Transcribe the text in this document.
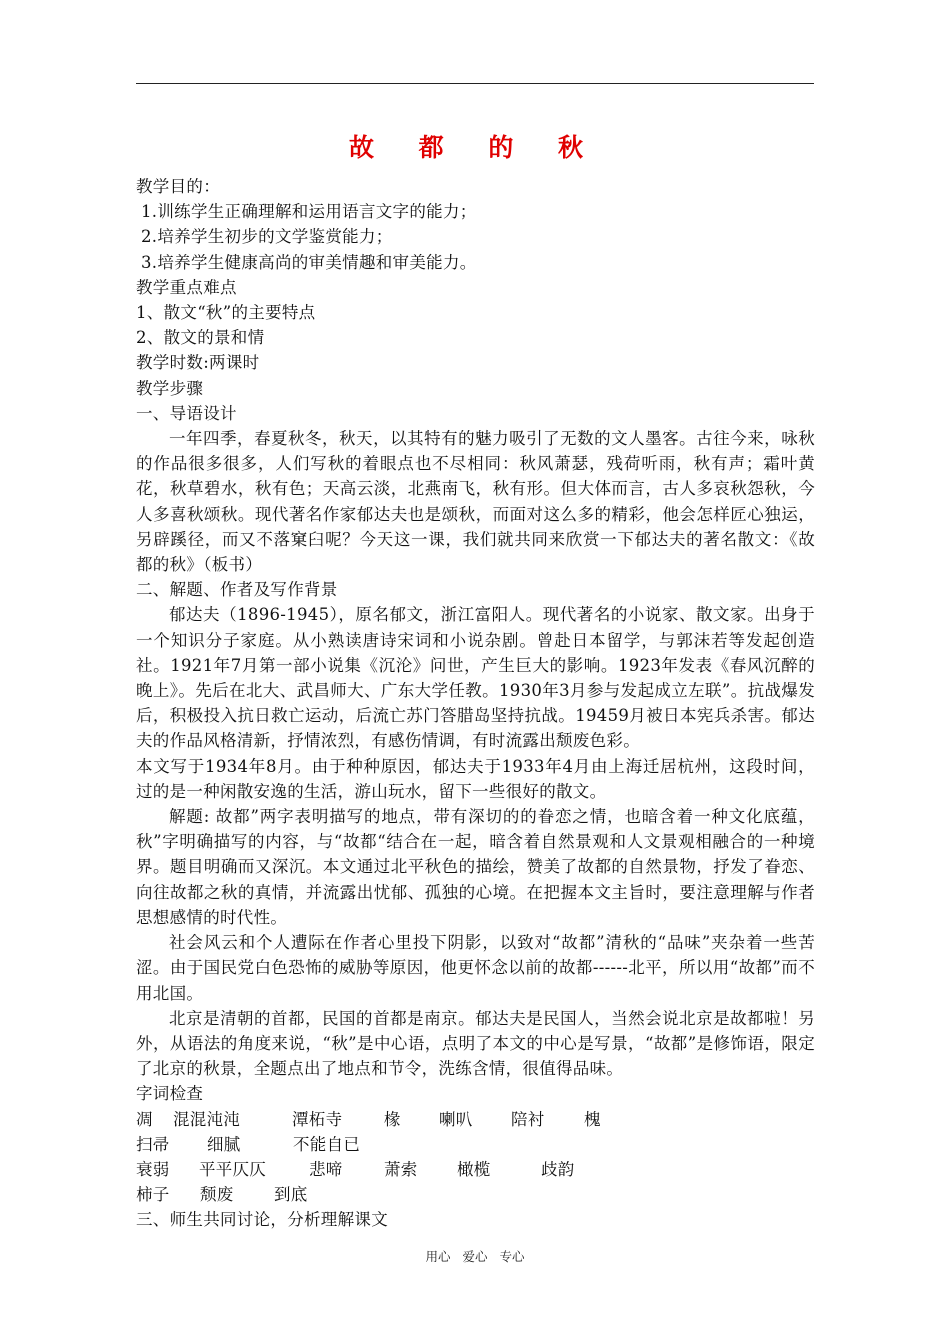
故 都 的 秋
教学目的：
1.训练学生正确理解和运用语言文字的能力；
2.培养学生初步的文学鉴赏能力；
3.培养学生健康高尚的审美情趣和审美能力。
教学重点难点
1、散文“秋”的主要特点
2、散文的景和情
教学时数:两课时
教学步骤
一、导语设计
一年四季，春夏秋冬，秋天，以其特有的魅力吸引了无数的文人墨客。古往今来，咏秋的作品很多很多，人们写秋的着眼点也不尽相同：秋风萧瑟，残荷听雨，秋有声；霜叶黄花，秋草碧水，秋有色；天高云淡，北燕南飞，秋有形。但大体而言，古人多哀秋怨秋，今人多喜秋颂秋。现代著名作家郁达夫也是颂秋，而面对这么多的精彩，他会怎样匠心独运，另辟蹊径，而又不落窠臼呢？今天这一课，我们就共同来欣赏一下郁达夫的著名散文：《故都的秋》（板书）
二、解题、作者及写作背景
郁达夫（1896-1945），原名郁文，浙江富阳人。现代著名的小说家、散文家。出身于一个知识分子家庭。从小熟读唐诗宋词和小说杂剧。曾赴日本留学，与郭沫若等发起创造社。1921年7月第一部小说集《沉沦》问世，产生巨大的影响。1923年发表《春风沉醉的晚上》。先后在北大、武昌师大、广东大学任教。1930年3月参与发起成立左联”。抗战爆发后，积极投入抗日救亡运动，后流亡苏门答腊岛坚持抗战。19459月被日本宪兵杀害。郁达夫的作品风格清新，抒情浓烈，有感伤情调，有时流露出颓废色彩。
本文写于1934年8月。由于种种原因，郁达夫于1933年4月由上海迁居杭州，这段时间，过的是一种闲散安逸的生活，游山玩水，留下一些很好的散文。
解题: 故都”两字表明描写的地点，带有深切的的眷恋之情，也暗含着一种文化底蕴，秋”字明确描写的内容，与“故都“结合在一起，暗含着自然景观和人文景观相融合的一种境界。题目明确而又深沉。本文通过北平秋色的描绘，赞美了故都的自然景物，抒发了眷恋、向往故都之秋的真情，并流露出忧郁、孤独的心境。在把握本文主旨时，要注意理解与作者思想感情的时代性。
社会风云和个人遭际在作者心里投下阴影，以致对“故都”清秋的“品味”夹杂着一些苦涩。由于国民党白色恐怖的威胁等原因，他更怀念以前的故都------北平，所以用“故都”而不用北国。
北京是清朝的首都，民国的首都是南京。郁达夫是民国人，当然会说北京是故都啦！另外，从语法的角度来说，“秋”是中心语，点明了本文的中心是写景，“故都”是修饰语，限定了北京的秋景，全题点出了地点和节令，洗练含情，很值得品味。
字词检查
凋	混混沌沌	潭柘寺	椽	喇叭	陪衬	槐
扫帚	细腻	不能自已
衰弱	平平仄仄	悲啼	萧索	橄榄	歧韵
柿子	颓废	到底
三、师生共同讨论，分析理解课文
用心 爱心 专心
